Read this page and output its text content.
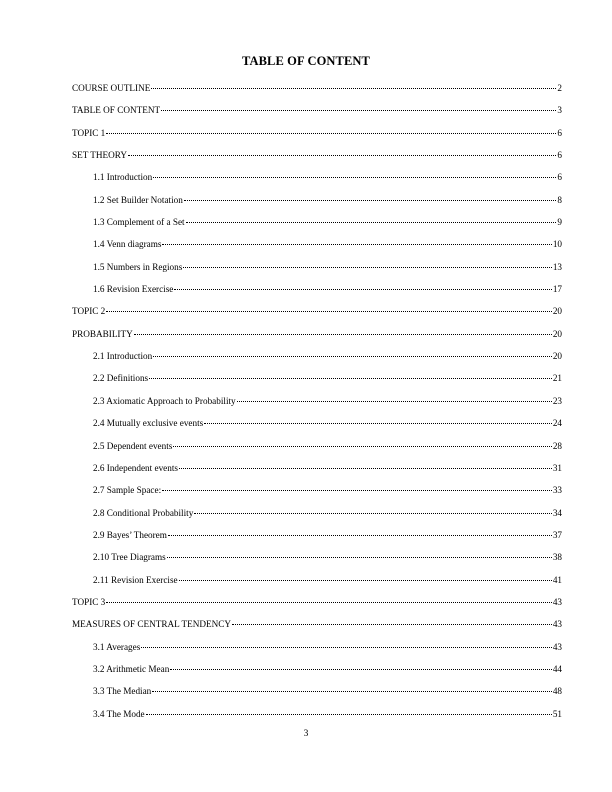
TABLE OF CONTENT
COURSE OUTLINE	2
TABLE OF CONTENT	3
TOPIC 1	6
SET THEORY	6
1.1 Introduction	6
1.2 Set Builder Notation	8
1.3 Complement of a Set	9
1.4 Venn diagrams	10
1.5 Numbers in Regions	13
1.6 Revision Exercise	17
TOPIC 2	20
PROBABILITY	20
2.1 Introduction	20
2.2 Definitions	21
2.3 Axiomatic Approach to Probability	23
2.4 Mutually exclusive events	24
2.5 Dependent events	28
2.6 Independent events	31
2.7 Sample Space:	33
2.8 Conditional Probability	34
2.9 Bayes’ Theorem	37
2.10 Tree Diagrams	38
2.11 Revision Exercise	41
TOPIC 3	43
MEASURES OF CENTRAL TENDENCY	43
3.1 Averages	43
3.2 Arithmetic Mean	44
3.3 The Median	48
3.4 The Mode	51
3
